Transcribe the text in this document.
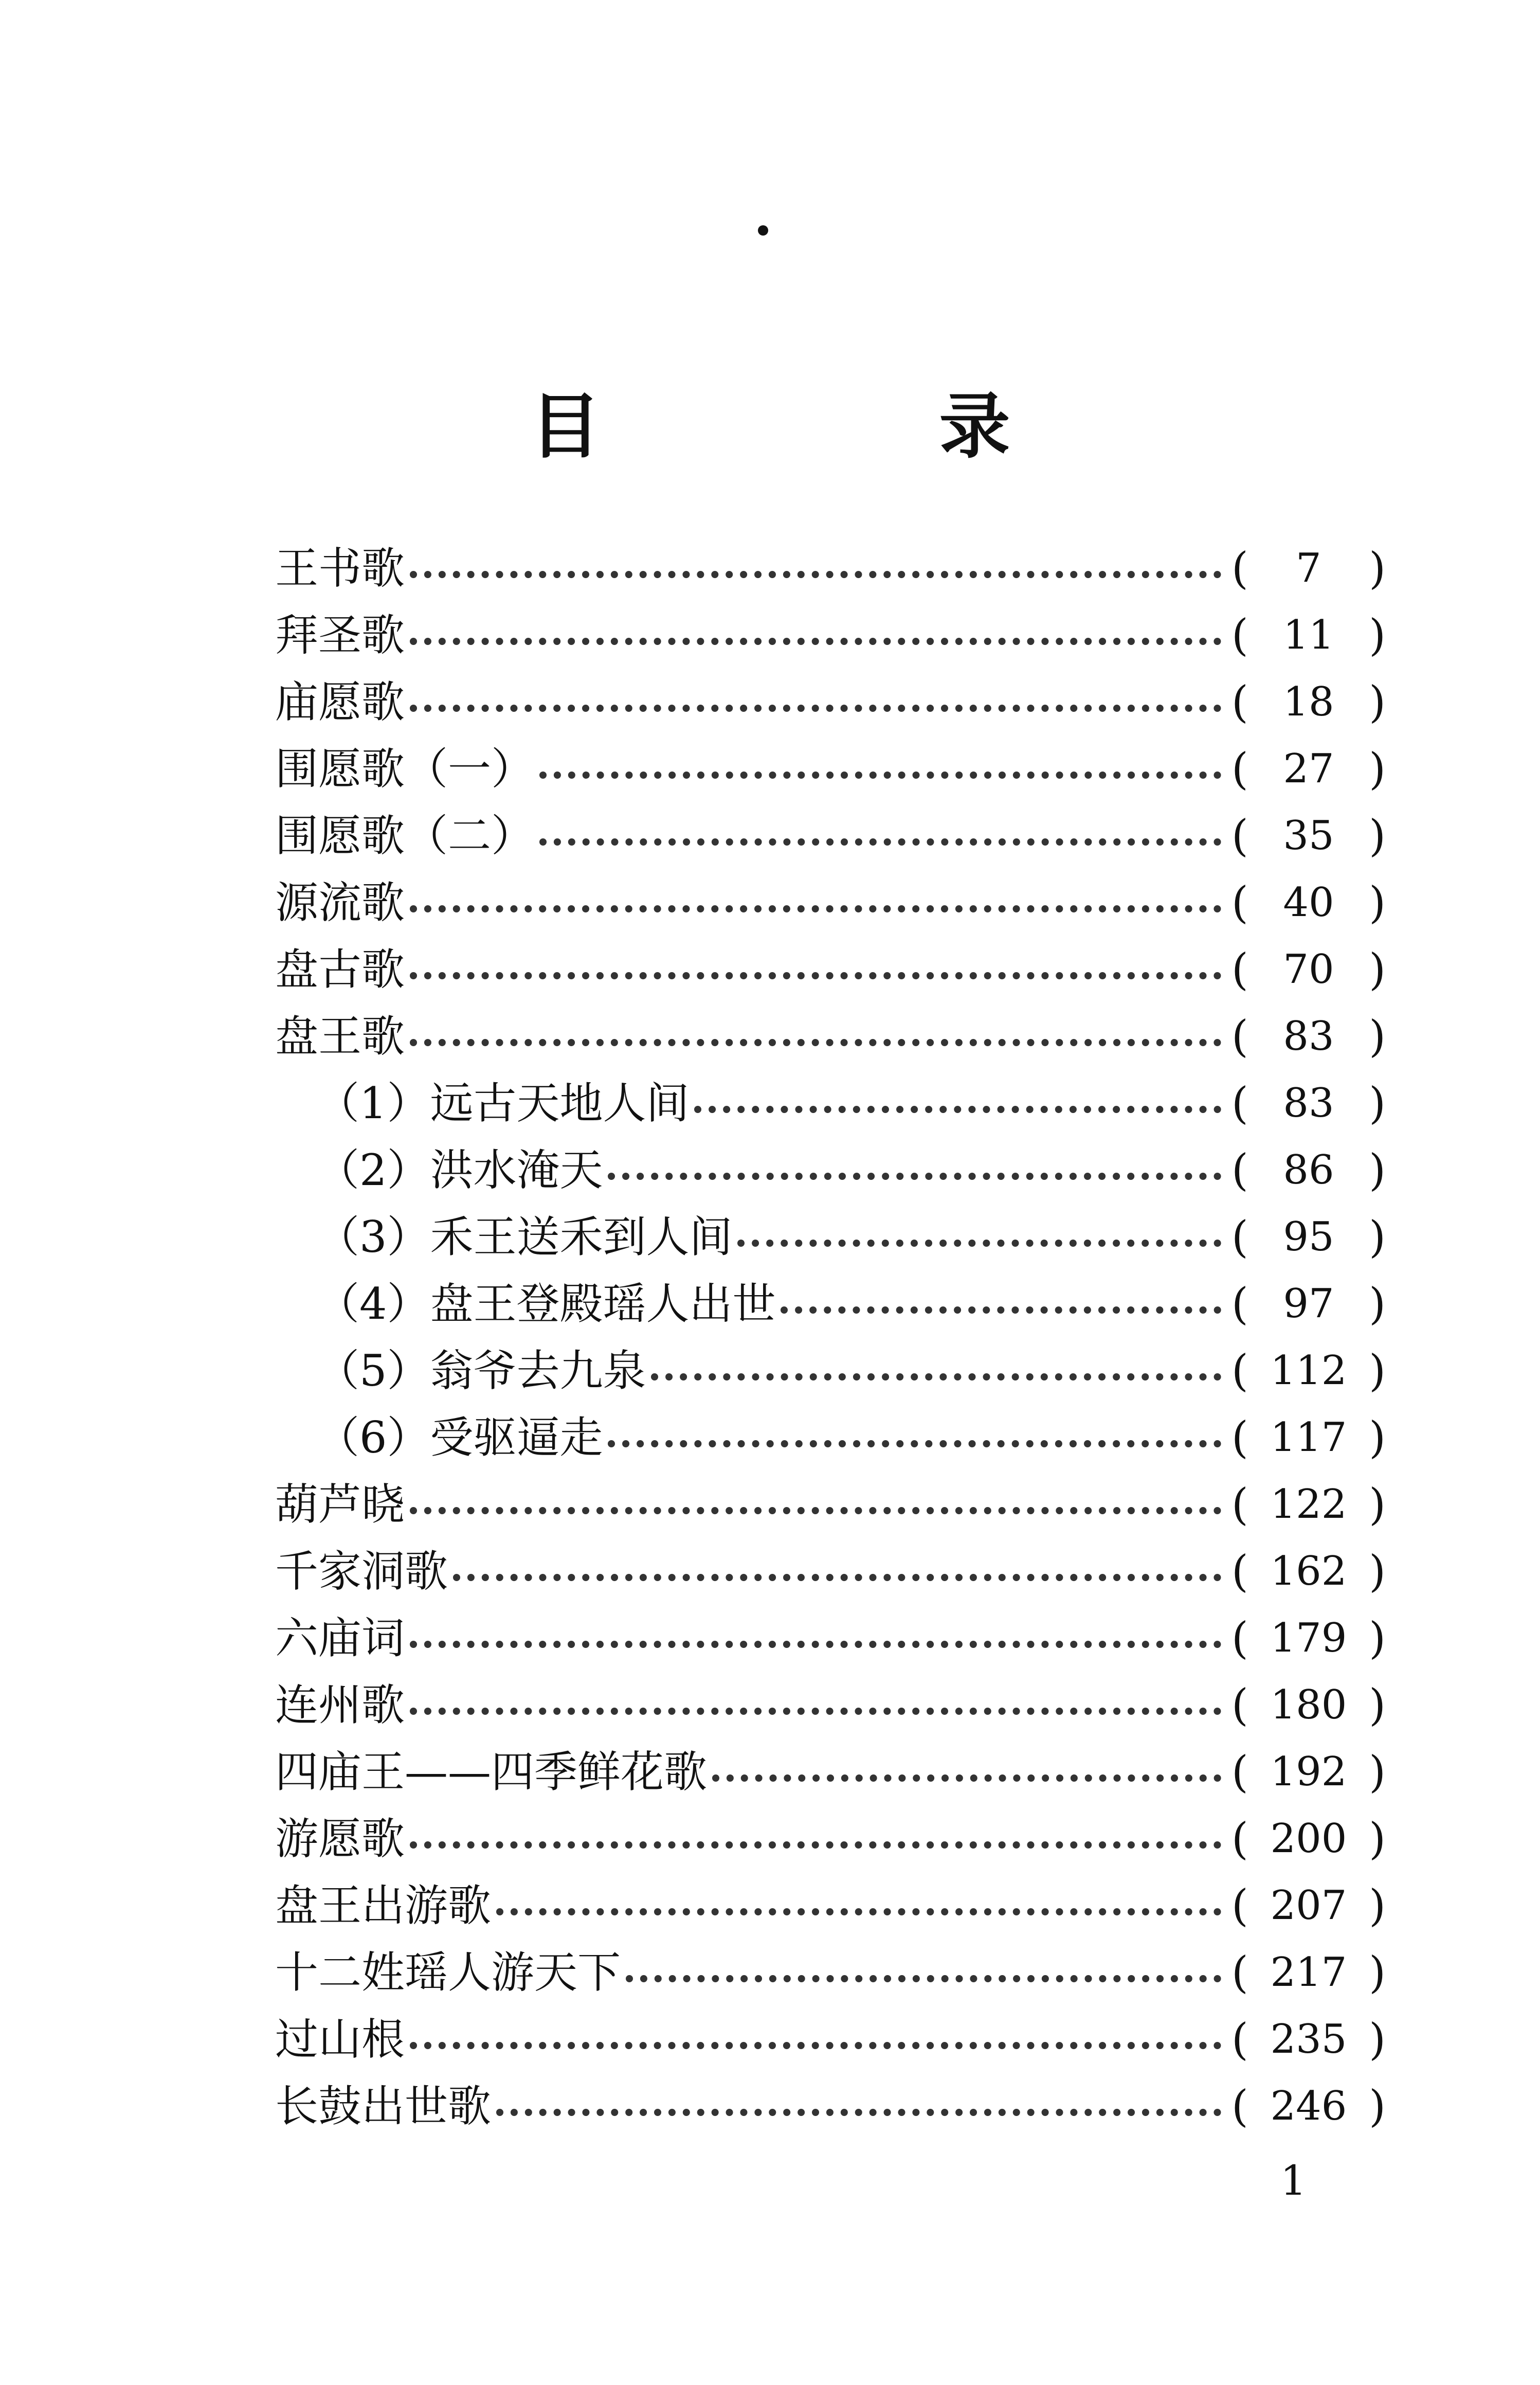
目　录
王书歌	(	7	)
拜圣歌	( 11 )
庙愿歌	( 18 )
围愿歌（一）	( 27 )
围愿歌（二）	( 35 )
源流歌	( 40 )
盘古歌	( 70 )
盘王歌	( 83 )
（1）远古天地人间	( 83 )
（2）洪水淹天	( 86 )
（3）禾王送禾到人间	( 95 )
（4）盘王登殿瑶人出世	( 97 )
（5）翁爷去九泉	( 112 )
（6）受驱逼走	( 117 )
葫芦晓	( 122 )
千家洞歌	( 162 )
六庙词	( 179 )
连州歌	( 180 )
四庙王——四季鲜花歌	( 192 )
游愿歌	( 200 )
盘王出游歌	( 207 )
十二姓瑶人游天下	( 217 )
过山根	( 235 )
长鼓出世歌	( 246 )
1
